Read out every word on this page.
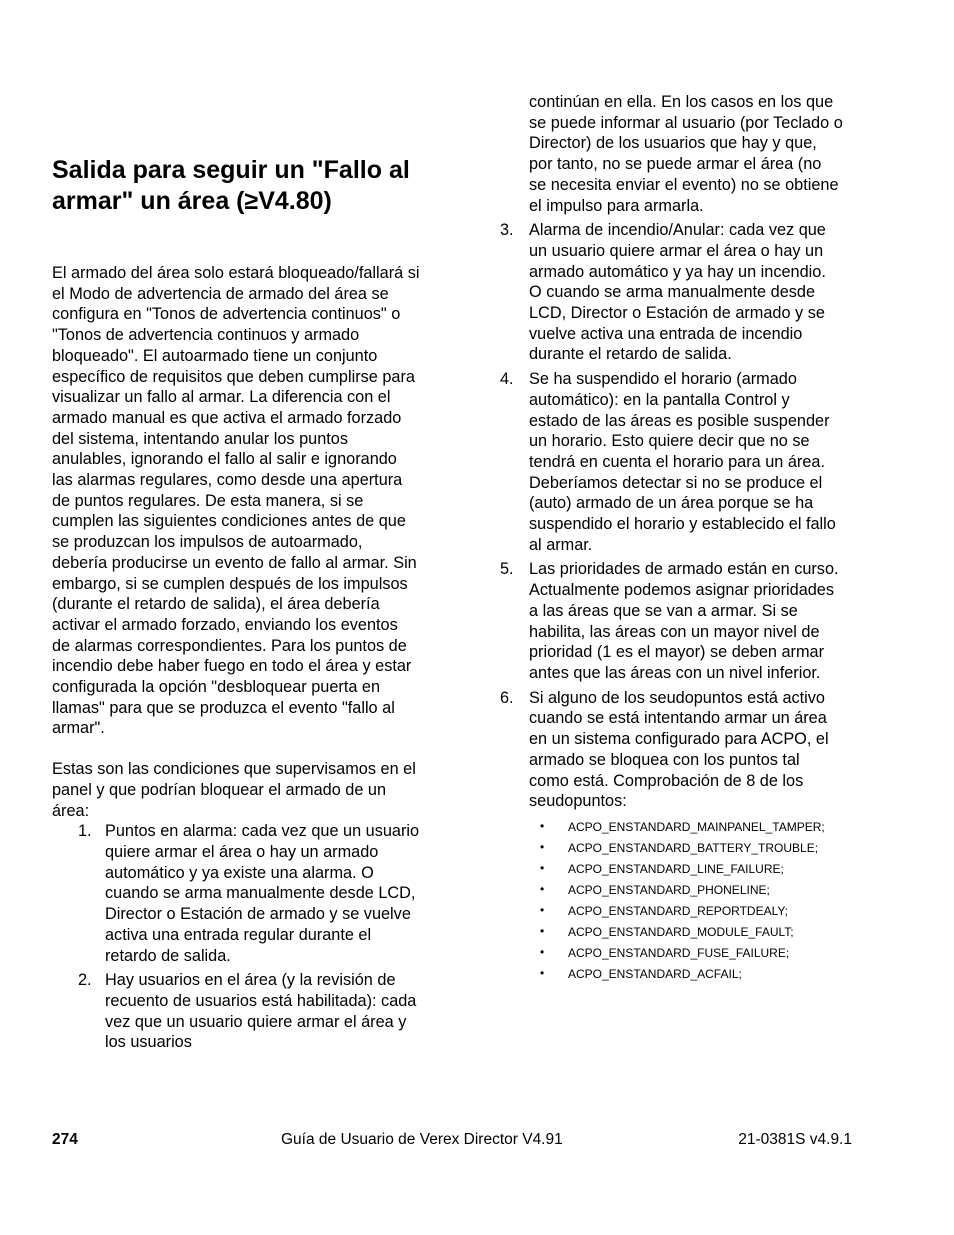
Salida para seguir un "Fallo al armar" un área (≥V4.80)

El armado del área solo estará bloqueado/fallará si el Modo de advertencia de armado del área se configura en "Tonos de advertencia continuos" o "Tonos de advertencia continuos y armado bloqueado". El autoarmado tiene un conjunto específico de requisitos que deben cumplirse para visualizar un fallo al armar. La diferencia con el armado manual es que activa el armado forzado del sistema, intentando anular los puntos anulables, ignorando el fallo al salir e ignorando las alarmas regulares, como desde una apertura de puntos regulares. De esta manera, si se cumplen las siguientes condiciones antes de que se produzcan los impulsos de autoarmado, debería producirse un evento de fallo al armar. Sin embargo, si se cumplen después de los impulsos (durante el retardo de salida), el área debería activar el armado forzado, enviando los eventos de alarmas correspondientes. Para los puntos de incendio debe haber fuego en todo el área y estar configurada la opción "desbloquear puerta en llamas" para que se produzca el evento "fallo al armar".

Estas son las condiciones que supervisamos en el panel y que podrían bloquear el armado de un área:

1. Puntos en alarma: cada vez que un usuario quiere armar el área o hay un armado automático y ya existe una alarma. O cuando se arma manualmente desde LCD, Director o Estación de armado y se vuelve activa una entrada regular durante el retardo de salida.
2. Hay usuarios en el área (y la revisión de recuento de usuarios está habilitada): cada vez que un usuario quiere armar el área y los usuarios
continúan en ella. En los casos en los que se puede informar al usuario (por Teclado o Director) de los usuarios que hay y que, por tanto, no se puede armar el área (no se necesita enviar el evento) no se obtiene el impulso para armarla.
3. Alarma de incendio/Anular: cada vez que un usuario quiere armar el área o hay un armado automático y ya hay un incendio. O cuando se arma manualmente desde LCD, Director o Estación de armado y se vuelve activa una entrada de incendio durante el retardo de salida.
4. Se ha suspendido el horario (armado automático): en la pantalla Control y estado de las áreas es posible suspender un horario. Esto quiere decir que no se tendrá en cuenta el horario para un área. Deberíamos detectar si no se produce el (auto) armado de un área porque se ha suspendido el horario y establecido el fallo al armar.
5. Las prioridades de armado están en curso. Actualmente podemos asignar prioridades a las áreas que se van a armar. Si se habilita, las áreas con un mayor nivel de prioridad (1 es el mayor) se deben armar antes que las áreas con un nivel inferior.
6. Si alguno de los seudopuntos está activo cuando se está intentando armar un área en un sistema configurado para ACPO, el armado se bloquea con los puntos tal como está. Comprobación de 8 de los seudopuntos:
• ACPO_ENSTANDARD_MAINPANEL_TAMPER;
• ACPO_ENSTANDARD_BATTERY_TROUBLE;
• ACPO_ENSTANDARD_LINE_FAILURE;
• ACPO_ENSTANDARD_PHONELINE;
• ACPO_ENSTANDARD_REPORTDEALY;
• ACPO_ENSTANDARD_MODULE_FAULT;
• ACPO_ENSTANDARD_FUSE_FAILURE;
• ACPO_ENSTANDARD_ACFAIL;
274	Guía de Usuario de Verex Director V4.91	21-0381S v4.9.1
